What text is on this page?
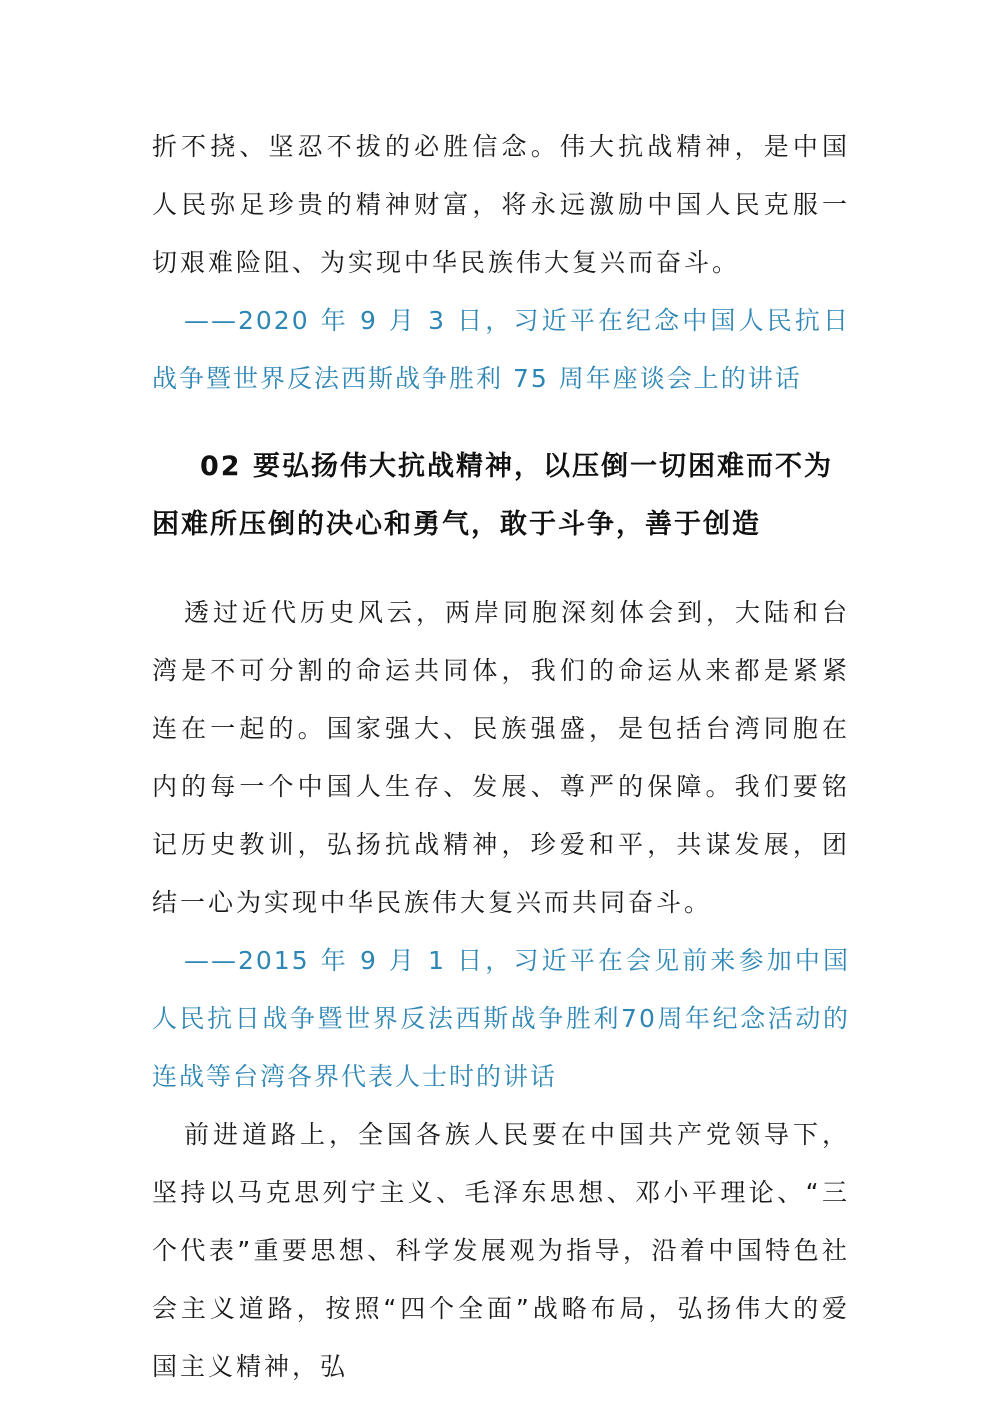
折不挠、坚忍不拔的必胜信念。伟大抗战精神，是中国人民弥足珍贵的精神财富，将永远激励中国人民克服一切艰难险阻、为实现中华民族伟大复兴而奋斗。

——2020 年 9 月 3 日，习近平在纪念中国人民抗日战争暨世界反法西斯战争胜利 75 周年座谈会上的讲话

02 要弘扬伟大抗战精神，以压倒一切困难而不为困难所压倒的决心和勇气，敢于斗争，善于创造

透过近代历史风云，两岸同胞深刻体会到，大陆和台湾是不可分割的命运共同体，我们的命运从来都是紧紧连在一起的。国家强大、民族强盛，是包括台湾同胞在内的每一个中国人生存、发展、尊严的保障。我们要铭记历史教训，弘扬抗战精神，珍爱和平，共谋发展，团结一心为实现中华民族伟大复兴而共同奋斗。

——2015 年 9 月 1 日，习近平在会见前来参加中国人民抗日战争暨世界反法西斯战争胜利70周年纪念活动的连战等台湾各界代表人士时的讲话

前进道路上，全国各族人民要在中国共产党领导下，坚持以马克思列宁主义、毛泽东思想、邓小平理论、“三个代表”重要思想、科学发展观为指导，沿着中国特色社会主义道路，按照“四个全面”战略布局，弘扬伟大的爱国主义精神，弘
